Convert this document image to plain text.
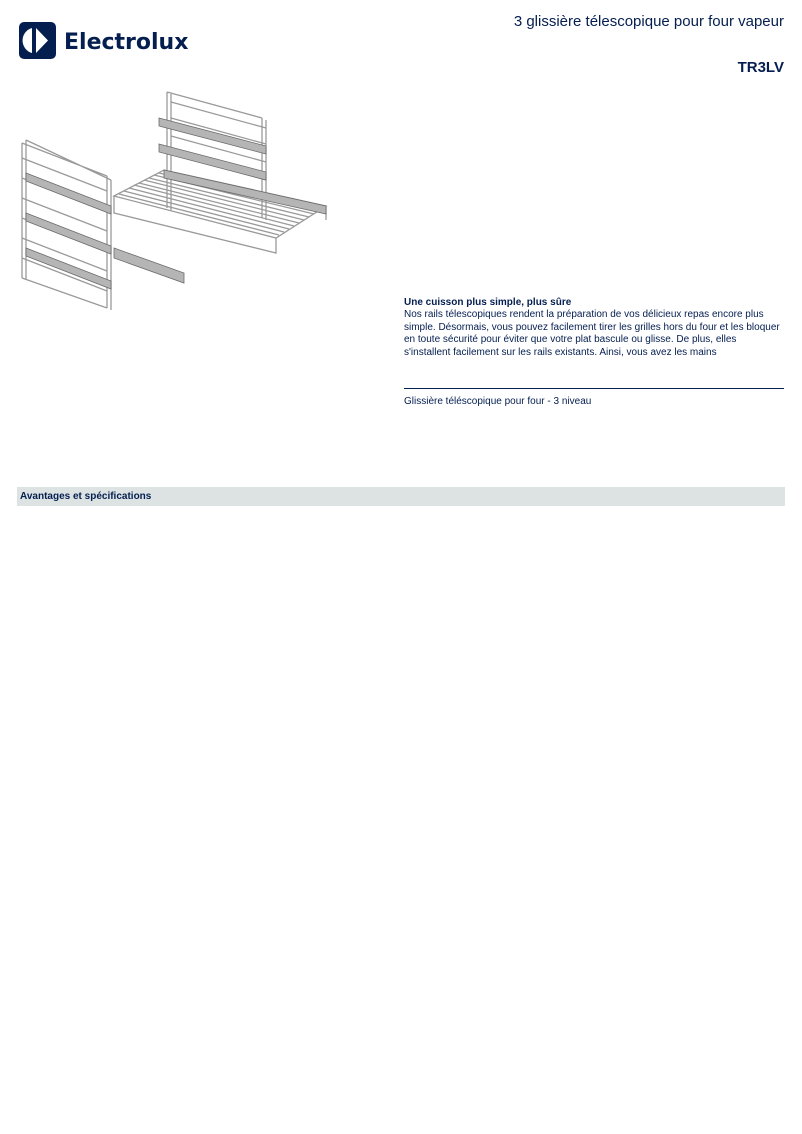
Electrolux
3 glissière télescopique pour four vapeur
TR3LV
Une cuisson plus simple, plus sûre

Nos rails télescopiques rendent la préparation de vos délicieux repas encore plus simple. Désormais, vous pouvez facilement tirer les grilles hors du four et les bloquer en toute sécurité pour éviter que votre plat bascule ou glisse. De plus, elles s'installent facilement sur les rails existants. Ainsi, vous avez les mains

Glissière téléscopique pour four - 3 niveau
Avantages et spécifications
